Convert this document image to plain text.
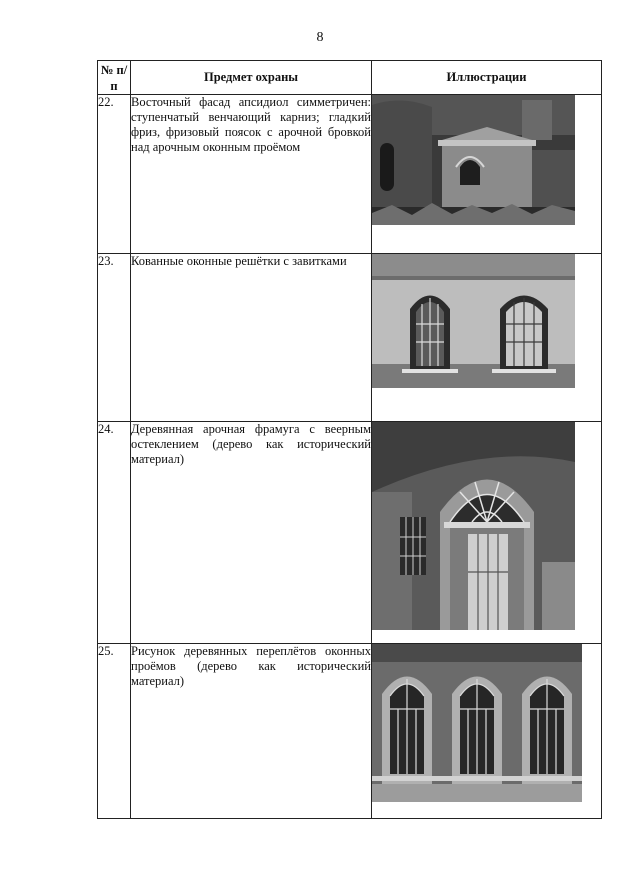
8
№ п/п	Предмет охраны	Иллюстрации
22.	Восточный фасад апсидиол симметричен: ступенчатый венчающий карниз; гладкий фриз, фризовый поясок с арочной бровкой над арочным оконным проёмом	

23.	Кованные оконные решётки с завитками	

24.	Деревянная арочная фрамуга с веерным остеклением (дерево как исторический материал)	

25.	Рисунок деревянных переплётов оконных проёмов (дерево как исторический материал)	
